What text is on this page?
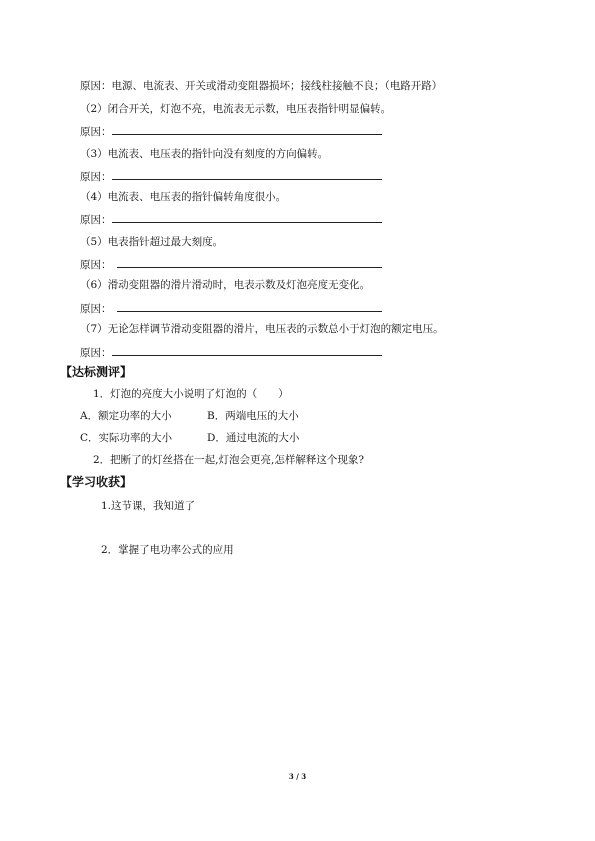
原因：电源、电流表、开关或滑动变阻器损坏；接线柱接触不良；（电路开路）
（2）闭合开关，灯泡不亮，电流表无示数，电压表指针明显偏转。
原因：
（3）电流表、电压表的指针向没有刻度的方向偏转。
原因：
（4）电流表、电压表的指针偏转角度很小。
原因：
（5）电表指针超过最大刻度。
原因：
（6）滑动变阻器的滑片滑动时，电表示数及灯泡亮度无变化。
原因：
（7）无论怎样调节滑动变阻器的滑片，电压表的示数总小于灯泡的额定电压。
原因：
【达标测评】
1．灯泡的亮度大小说明了灯泡的（　　）
A．额定功率的大小	B．两端电压的大小
C．实际功率的大小	D．通过电流的大小
2．把断了的灯丝搭在一起,灯泡会更亮,怎样解释这个现象?
【学习收获】
1.这节课，我知道了
2．掌握了电功率公式的应用
3 / 3
